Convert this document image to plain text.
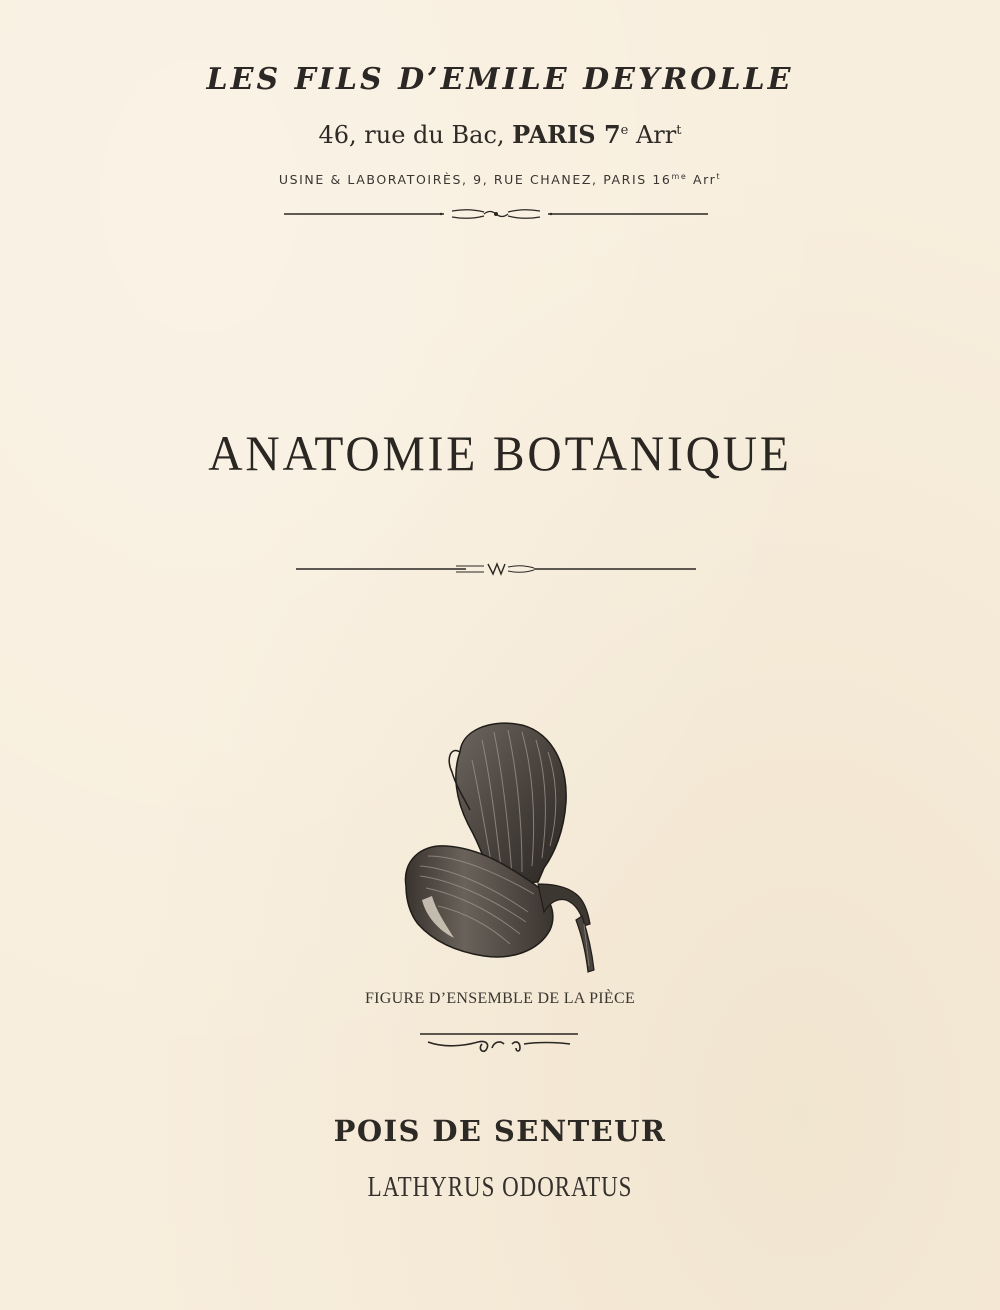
LES FILS D’EMILE DEYROLLE
46, rue du Bac, PARIS 7e Arr$^t$
USINE & LABORATOIRÈS, 9, RUE CHANEZ, PARIS $16^{me}$ Arr$^t$
ANATOMIE BOTANIQUE
FIGURE D’ENSEMBLE DE LA PIÈCE
POIS DE SENTEUR
LATHYRUS ODORATUS
